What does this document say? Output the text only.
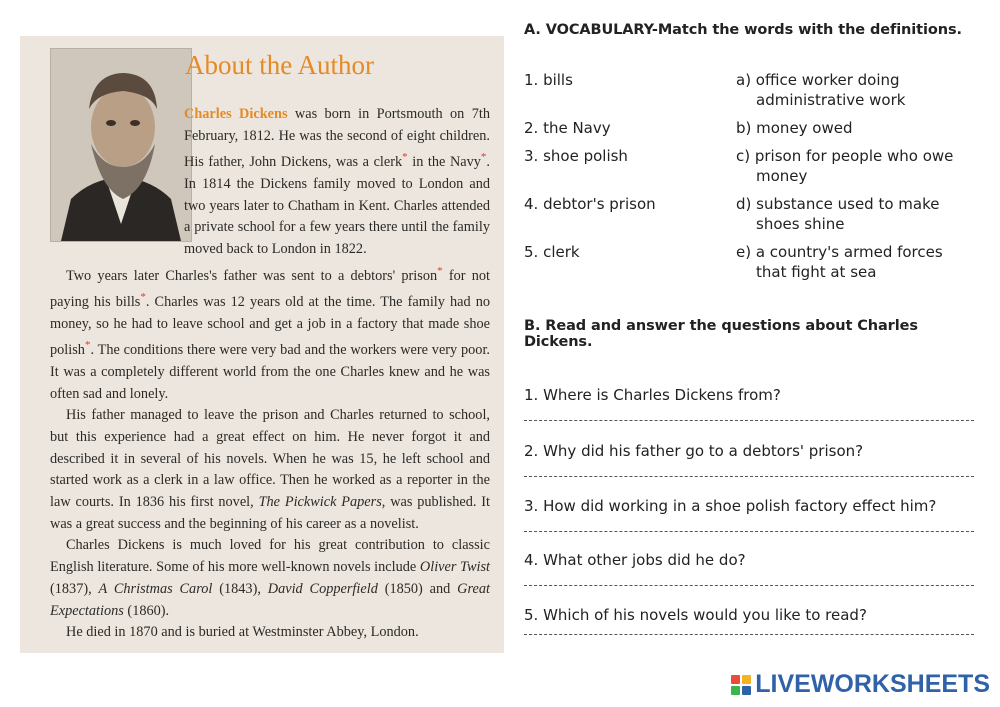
About the Author

Charles Dickens was born in Portsmouth on 7th February, 1812. He was the second of eight children. His father, John Dickens, was a clerk* in the Navy*. In 1814 the Dickens family moved to London and two years later to Chatham in Kent. Charles attended a private school for a few years there until the family moved back to London in 1822.

Two years later Charles's father was sent to a debtors' prison* for not paying his bills*. Charles was 12 years old at the time. The family had no money, so he had to leave school and get a job in a factory that made shoe polish*. The conditions there were very bad and the workers were very poor. It was a completely different world from the one Charles knew and he was often sad and lonely.

His father managed to leave the prison and Charles returned to school, but this experience had a great effect on him. He never forgot it and described it in several of his novels. When he was 15, he left school and started work as a clerk in a law office. Then he worked as a reporter in the law courts. In 1836 his first novel, The Pickwick Papers, was published. It was a great success and the beginning of his career as a novelist.

Charles Dickens is much loved for his great contribution to classic English literature. Some of his more well-known novels include Oliver Twist (1837), A Christmas Carol (1843), David Copperfield (1850) and Great Expectations (1860).

He died in 1870 and is buried at Westminster Abbey, London.

A. VOCABULARY-Match the words with the definitions.
1. bills	a) office worker doing
administrative work
2. the Navy	b) money owed
3. shoe polish	c) prison for people who owe
money
4. debtor's prison	d) substance used to make
shoes shine
5. clerk	e) a country's armed forces
that fight at sea
B. Read and answer the questions about Charles Dickens.
1. Where is Charles Dickens from?
2. Why did his father go to a debtors' prison?
3. How did working in a shoe polish factory effect him?
4. What other jobs did he do?
5. Which of his novels would you like to read?
LIVEWORKSHEETS
